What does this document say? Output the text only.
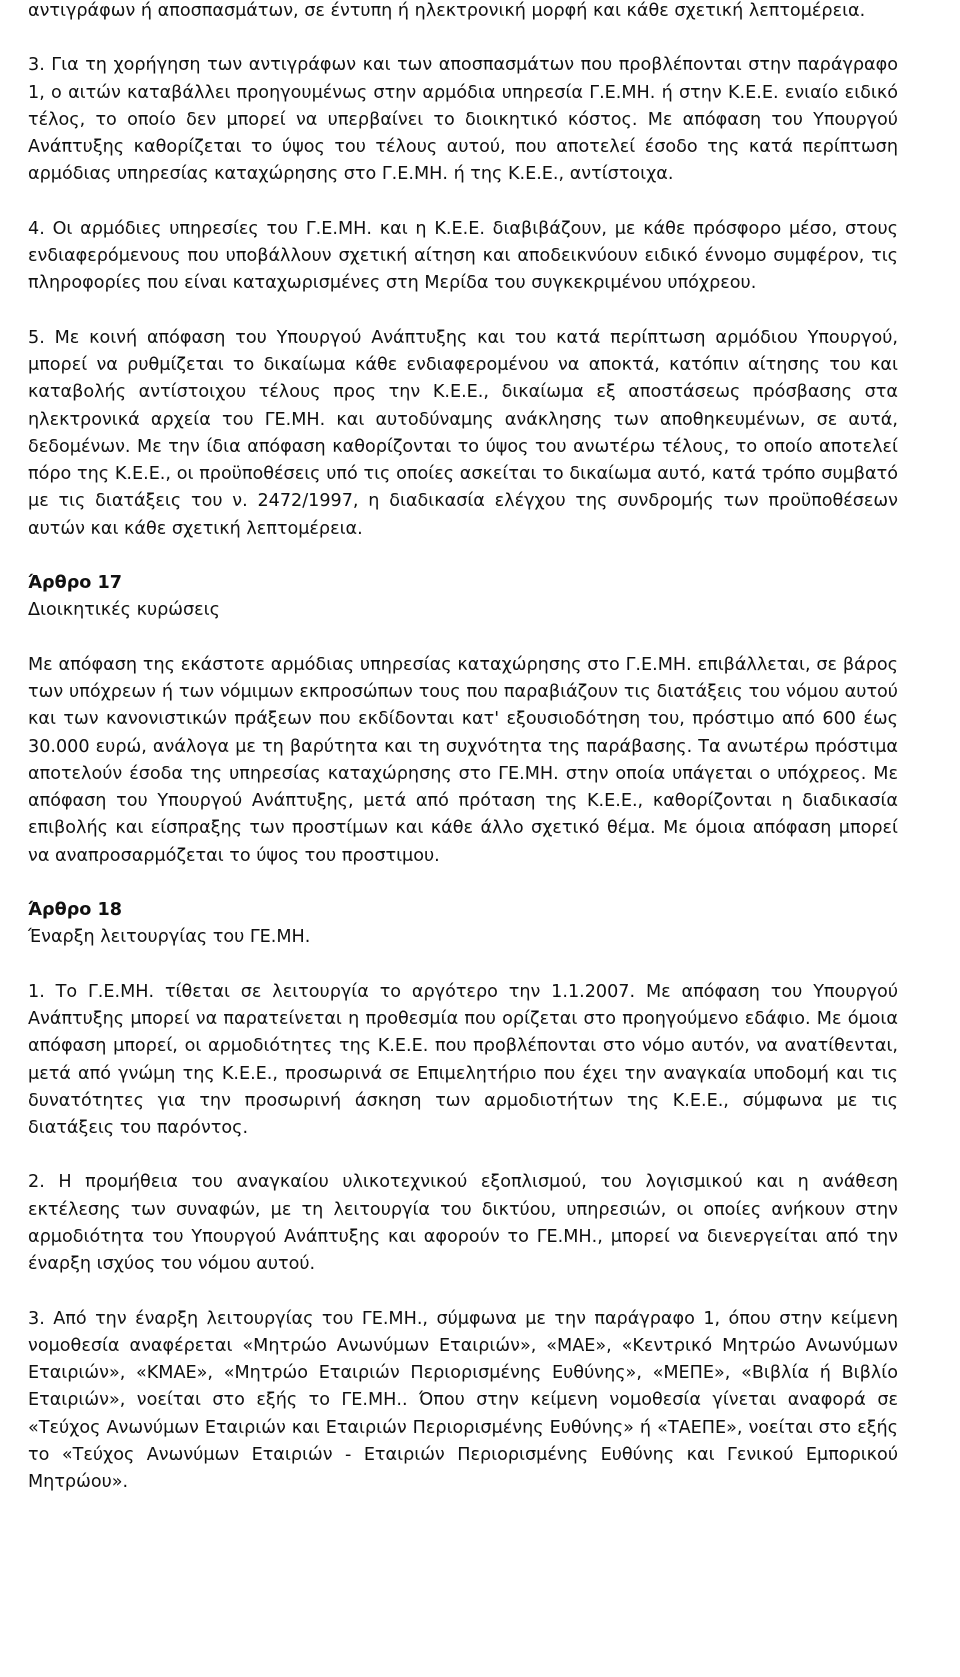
αντιγράφων ή αποσπασμάτων, σε έντυπη ή ηλεκτρονική μορφή και κάθε σχετική λεπτομέρεια.

3. Για τη χορήγηση των αντιγράφων και των αποσπασμάτων που προβλέπονται στην παράγραφο 1, ο αιτών καταβάλλει προηγουμένως στην αρμόδια υπηρεσία Γ.Ε.ΜΗ. ή στην Κ.Ε.Ε. ενιαίο ειδικό τέλος, το οποίο δεν μπορεί να υπερβαίνει το διοικητικό κόστος. Με απόφαση του Υπουργού Ανάπτυξης καθορίζεται το ύψος του τέλους αυτού, που αποτελεί έσοδο της κατά περίπτωση αρμόδιας υπηρεσίας καταχώρησης στο Γ.Ε.ΜΗ. ή της Κ.Ε.Ε., αντίστοιχα.

4. Οι αρμόδιες υπηρεσίες του Γ.Ε.ΜΗ. και η Κ.Ε.Ε. διαβιβάζουν, με κάθε πρόσφορο μέσο, στους ενδιαφερόμενους που υποβάλλουν σχετική αίτηση και αποδεικνύουν ειδικό έννομο συμφέρον, τις πληροφορίες που είναι καταχωρισμένες στη Μερίδα του συγκεκριμένου υπόχρεου.

5. Με κοινή απόφαση του Υπουργού Ανάπτυξης και του κατά περίπτωση αρμόδιου Υπουργού, μπορεί να ρυθμίζεται το δικαίωμα κάθε ενδιαφερομένου να αποκτά, κατόπιν αίτησης του και καταβολής αντίστοιχου τέλους προς την Κ.Ε.Ε., δικαίωμα εξ αποστάσεως πρόσβασης στα ηλεκτρονικά αρχεία του ΓΕ.ΜΗ. και αυτοδύναμης ανάκλησης των αποθηκευμένων, σε αυτά, δεδομένων. Με την ίδια απόφαση καθορίζονται το ύψος του ανωτέρω τέλους, το οποίο αποτελεί πόρο της Κ.Ε.Ε., οι προϋποθέσεις υπό τις οποίες ασκείται το δικαίωμα αυτό, κατά τρόπο συμβατό με τις διατάξεις του ν. 2472/1997, η διαδικασία ελέγχου της συνδρομής των προϋποθέσεων αυτών και κάθε σχετική λεπτομέρεια.

Άρθρο 17

Διοικητικές κυρώσεις

Με απόφαση της εκάστοτε αρμόδιας υπηρεσίας καταχώρησης στο Γ.Ε.ΜΗ. επιβάλλεται, σε βάρος των υπόχρεων ή των νόμιμων εκπροσώπων τους που παραβιάζουν τις διατάξεις του νόμου αυτού και των κανονιστικών πράξεων που εκδίδονται κατ' εξουσιοδότηση του, πρόστιμο από 600 έως 30.000 ευρώ, ανάλογα με τη βαρύτητα και τη συχνότητα της παράβασης. Τα ανωτέρω πρόστιμα αποτελούν έσοδα της υπηρεσίας καταχώρησης στο ΓΕ.ΜΗ. στην οποία υπάγεται ο υπόχρεος. Με απόφαση του Υπουργού Ανάπτυξης, μετά από πρόταση της Κ.Ε.Ε., καθορίζονται η διαδικασία επιβολής και είσπραξης των προστίμων και κάθε άλλο σχετικό θέμα. Με όμοια απόφαση μπορεί να αναπροσαρμόζεται το ύψος του προστιμου.

Άρθρο 18

Έναρξη λειτουργίας του ΓΕ.ΜΗ.

1. Το Γ.Ε.ΜΗ. τίθεται σε λειτουργία το αργότερο την 1.1.2007. Με απόφαση του Υπουργού Ανάπτυξης μπορεί να παρατείνεται η προθεσμία που ορίζεται στο προηγούμενο εδάφιο. Με όμοια απόφαση μπορεί, οι αρμοδιότητες της Κ.Ε.Ε. που προβλέπονται στο νόμο αυτόν, να ανατίθενται, μετά από γνώμη της Κ.Ε.Ε., προσωρινά σε Επιμελητήριο που έχει την αναγκαία υποδομή και τις δυνατότητες για την προσωρινή άσκηση των αρμοδιοτήτων της Κ.Ε.Ε., σύμφωνα με τις διατάξεις του παρόντος.

2. Η προμήθεια του αναγκαίου υλικοτεχνικού εξοπλισμού, του λογισμικού και η ανάθεση εκτέλεσης των συναφών, με τη λειτουργία του δικτύου, υπηρεσιών, οι οποίες ανήκουν στην αρμοδιότητα του Υπουργού Ανάπτυξης και αφορούν το ΓΕ.ΜΗ., μπορεί να διενεργείται από την έναρξη ισχύος του νόμου αυτού.

3. Από την έναρξη λειτουργίας του ΓΕ.ΜΗ., σύμφωνα με την παράγραφο 1, όπου στην κείμενη νομοθεσία αναφέρεται «Μητρώο Ανωνύμων Εταιριών», «ΜΑΕ», «Κεντρικό Μητρώο Ανωνύμων Εταιριών», «ΚΜΑΕ», «Μητρώο Εταιριών Περιορισμένης Ευθύνης», «ΜΕΠΕ», «Βιβλία ή Βιβλίο Εταιριών», νοείται στο εξής το ΓΕ.ΜΗ.. Όπου στην κείμενη νομοθεσία γίνεται αναφορά σε «Τεύχος Ανωνύμων Εταιριών και Εταιριών Περιορισμένης Ευθύνης» ή «ΤΑΕΠΕ», νοείται στο εξής το «Τεύχος Ανωνύμων Εταιριών - Εταιριών Περιορισμένης Ευθύνης και Γενικού Εμπορικού Μητρώου».
